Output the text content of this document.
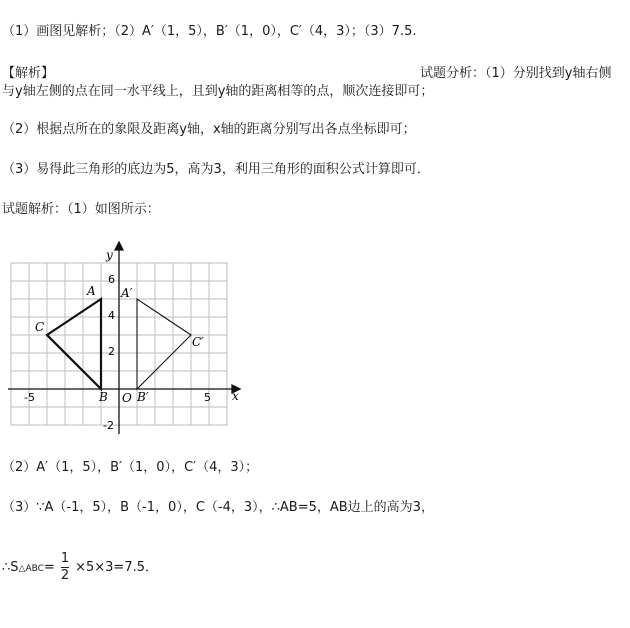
（1）画图见解析；（2）A′（1，5），B′（1，0），C′（4，3）；（3）7.5.
【解析】	试题分析：（1）分别找到y轴右侧
与y轴左侧的点在同一水平线上，且到y轴的距离相等的点，顺次连接即可；
（2）根据点所在的象限及距离y轴，x轴的距离分别写出各点坐标即可；
（3）易得此三角形的底边为5，高为3，利用三角形的面积公式计算即可．
试题解析：（1）如图所示：
x
y
O
-5	5
6
4
2
-2
A
B
C
A′
B′
C′
（2）A′（1，5），B′（1，0），C′（4，3）；
（3）∵A（-1，5），B（-1，0），C（-4，3），∴AB=5，AB边上的高为3，
∴S△ABC= $\frac{1}{2} \times 5\times 3=7.5$．
